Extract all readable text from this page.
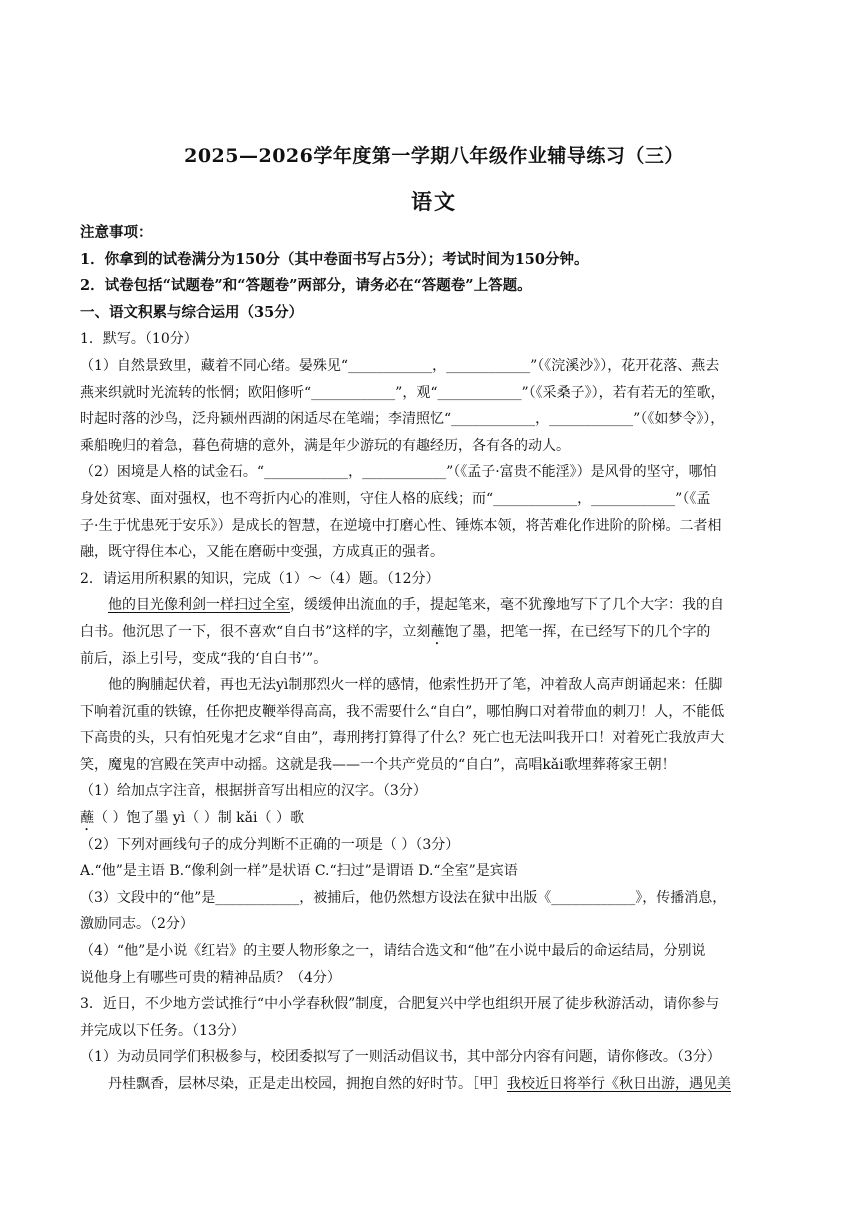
2025—2026学年度第一学期八年级作业辅导练习（三）
语文
注意事项：
1．你拿到的试卷满分为150分（其中卷面书写占5分）；考试时间为150分钟。
2．试卷包括“试题卷”和“答题卷”两部分，请务必在“答题卷”上答题。
一、语文积累与综合运用（35分）
1．默写。（10分）
（1）自然景致里，藏着不同心绪。晏殊见“____________，____________”（《浣溪沙》），花开花落、燕去
燕来织就时光流转的怅惘；欧阳修听“____________”，观“____________”（《采桑子》），若有若无的笙歌，
时起时落的沙鸟，泛舟颍州西湖的闲适尽在笔端；李清照忆“____________，____________”（《如梦令》），
乘船晚归的着急，暮色荷塘的意外，满是年少游玩的有趣经历，各有各的动人。
（2）困境是人格的试金石。“____________，____________”（《孟子·富贵不能淫》）是风骨的坚守，哪怕
身处贫寒、面对强权，也不弯折内心的准则，守住人格的底线；而“____________，____________”（《孟
子·生于忧患死于安乐》）是成长的智慧，在逆境中打磨心性、锤炼本领，将苦难化作进阶的阶梯。二者相
融，既守得住本心，又能在磨砺中变强，方成真正的强者。
2．请运用所积累的知识，完成（1）～（4）题。（12分）
他的目光像利剑一样扫过全室，缓缓伸出流血的手，提起笔来，毫不犹豫地写下了几个大字：我的自
白书。他沉思了一下，很不喜欢“自白书”这样的字，立刻蘸饱了墨，把笔一挥，在已经写下的几个字的
前后，添上引号，变成“我的‘自白书’”。
他的胸脯起伏着，再也无法yì制那烈火一样的感情，他索性扔开了笔，冲着敌人高声朗诵起来：任脚
下响着沉重的铁镣，任你把皮鞭举得高高，我不需要什么“自白”，哪怕胸口对着带血的刺刀！人，不能低
下高贵的头，只有怕死鬼才乞求“自由”，毒刑拷打算得了什么？死亡也无法叫我开口！对着死亡我放声大
笑，魔鬼的宫殿在笑声中动摇。这就是我——一个共产党员的“自白”，高唱kǎi歌埋葬蒋家王朝！
（1）给加点字注音，根据拼音写出相应的汉字。（3分）
蘸（ ）饱了墨 yì（ ）制 kǎi（ ）歌
（2）下列对画线句子的成分判断不正确的一项是（ ）（3分）
A.“他”是主语 B.“像利剑一样”是状语 C.“扫过”是谓语 D.“全室”是宾语
（3）文段中的“他”是____________，被捕后，他仍然想方设法在狱中出版《____________》，传播消息，
激励同志。（2分）
（4）“他”是小说《红岩》的主要人物形象之一，请结合选文和“他”在小说中最后的命运结局，分别说
说他身上有哪些可贵的精神品质？（4分）
3．近日，不少地方尝试推行“中小学春秋假”制度，合肥复兴中学也组织开展了徒步秋游活动，请你参与
并完成以下任务。（13分）
（1）为动员同学们积极参与，校团委拟写了一则活动倡议书，其中部分内容有问题，请你修改。（3分）
丹桂飘香，层林尽染，正是走出校园，拥抱自然的好时节。［甲］我校近日将举行《秋日出游，遇见美
